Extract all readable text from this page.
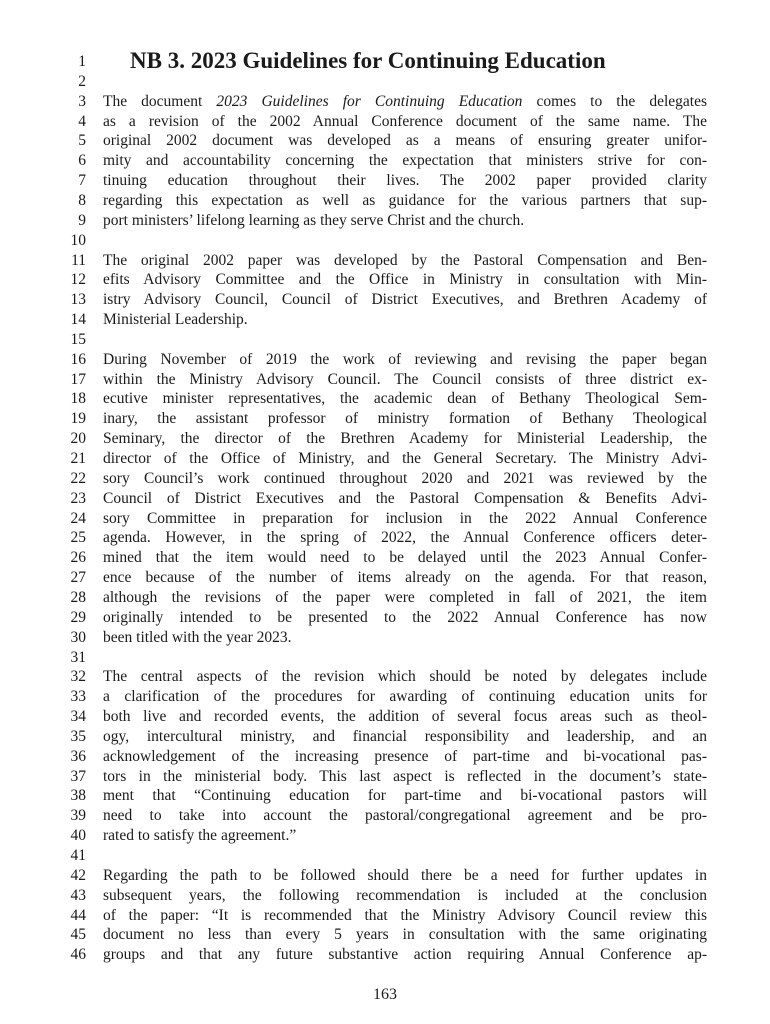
NB 3. 2023 Guidelines for Continuing Education
1
2
3 The document 2023 Guidelines for Continuing Education comes to the delegates
4 as a revision of the 2002 Annual Conference document of the same name. The
5 original 2002 document was developed as a means of ensuring greater unifor-
6 mity and accountability concerning the expectation that ministers strive for con-
7 tinuing education throughout their lives. The 2002 paper provided clarity
8 regarding this expectation as well as guidance for the various partners that sup-
9 port ministers’ lifelong learning as they serve Christ and the church.
10
11 The original 2002 paper was developed by the Pastoral Compensation and Ben-
12 efits Advisory Committee and the Office in Ministry in consultation with Min-
13 istry Advisory Council, Council of District Executives, and Brethren Academy of
14 Ministerial Leadership.
15
16 During November of 2019 the work of reviewing and revising the paper began
17 within the Ministry Advisory Council. The Council consists of three district ex-
18 ecutive minister representatives, the academic dean of Bethany Theological Sem-
19 inary, the assistant professor of ministry formation of Bethany Theological
20 Seminary, the director of the Brethren Academy for Ministerial Leadership, the
21 director of the Office of Ministry, and the General Secretary. The Ministry Advi-
22 sory Council’s work continued throughout 2020 and 2021 was reviewed by the
23 Council of District Executives and the Pastoral Compensation & Benefits Advi-
24 sory Committee in preparation for inclusion in the 2022 Annual Conference
25 agenda. However, in the spring of 2022, the Annual Conference officers deter-
26 mined that the item would need to be delayed until the 2023 Annual Confer-
27 ence because of the number of items already on the agenda. For that reason,
28 although the revisions of the paper were completed in fall of 2021, the item
29 originally intended to be presented to the 2022 Annual Conference has now
30 been titled with the year 2023.
31
32 The central aspects of the revision which should be noted by delegates include
33 a clarification of the procedures for awarding of continuing education units for
34 both live and recorded events, the addition of several focus areas such as theol-
35 ogy, intercultural ministry, and financial responsibility and leadership, and an
36 acknowledgement of the increasing presence of part-time and bi-vocational pas-
37 tors in the ministerial body. This last aspect is reflected in the document’s state-
38 ment that “Continuing education for part-time and bi-vocational pastors will
39 need to take into account the pastoral/congregational agreement and be pro-
40 rated to satisfy the agreement.”
41
42 Regarding the path to be followed should there be a need for further updates in
43 subsequent years, the following recommendation is included at the conclusion
44 of the paper: “It is recommended that the Ministry Advisory Council review this
45 document no less than every 5 years in consultation with the same originating
46 groups and that any future substantive action requiring Annual Conference ap-
163
